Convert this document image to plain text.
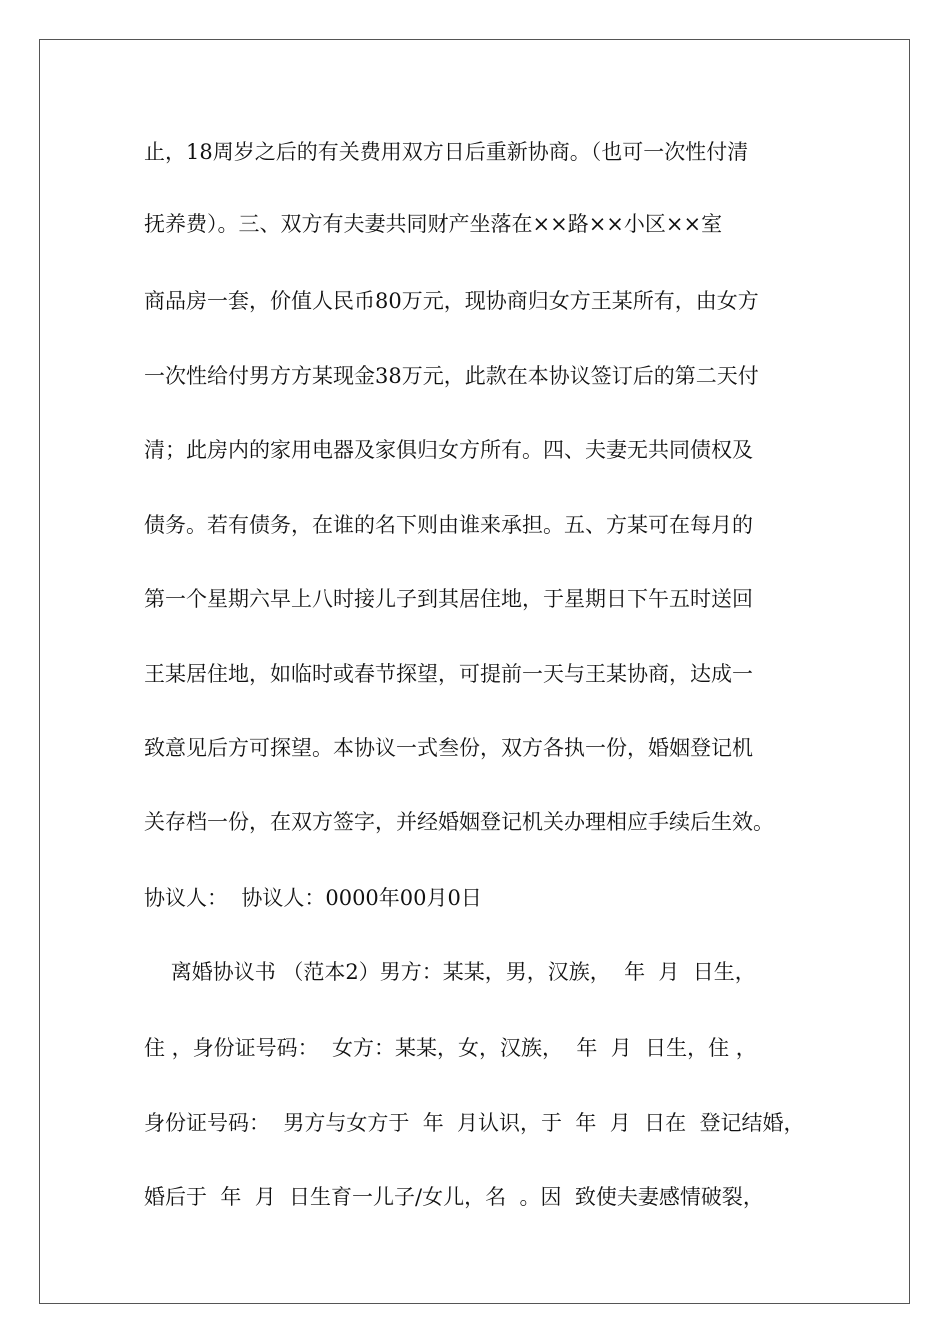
止，18周岁之后的有关费用双方日后重新协商。（也可一次性付清
抚养费）。三、双方有夫妻共同财产坐落在××路××小区××室
商品房一套，价值人民币80万元，现协商归女方王某所有，由女方
一次性给付男方方某现金38万元，此款在本协议签订后的第二天付
清；此房内的家用电器及家俱归女方所有。四、夫妻无共同债权及
债务。若有债务，在谁的名下则由谁来承担。五、方某可在每月的
第一个星期六早上八时接儿子到其居住地，于星期日下午五时送回
王某居住地，如临时或春节探望，可提前一天与王某协商，达成一
致意见后方可探望。本协议一式叁份，双方各执一份，婚姻登记机
关存档一份，在双方签字，并经婚姻登记机关办理相应手续后生效。
协议人：  协议人：0000年00月0日
离婚协议书 （范本2）男方：某某，男，汉族，  年  月  日生，
住 ，身份证号码：  女方：某某，女，汉族，  年  月  日生，住 ，
身份证号码：  男方与女方于  年  月认识，于  年  月  日在  登记结婚，
婚后于  年  月  日生育一儿子/女儿，名  。因  致使夫妻感情破裂，
